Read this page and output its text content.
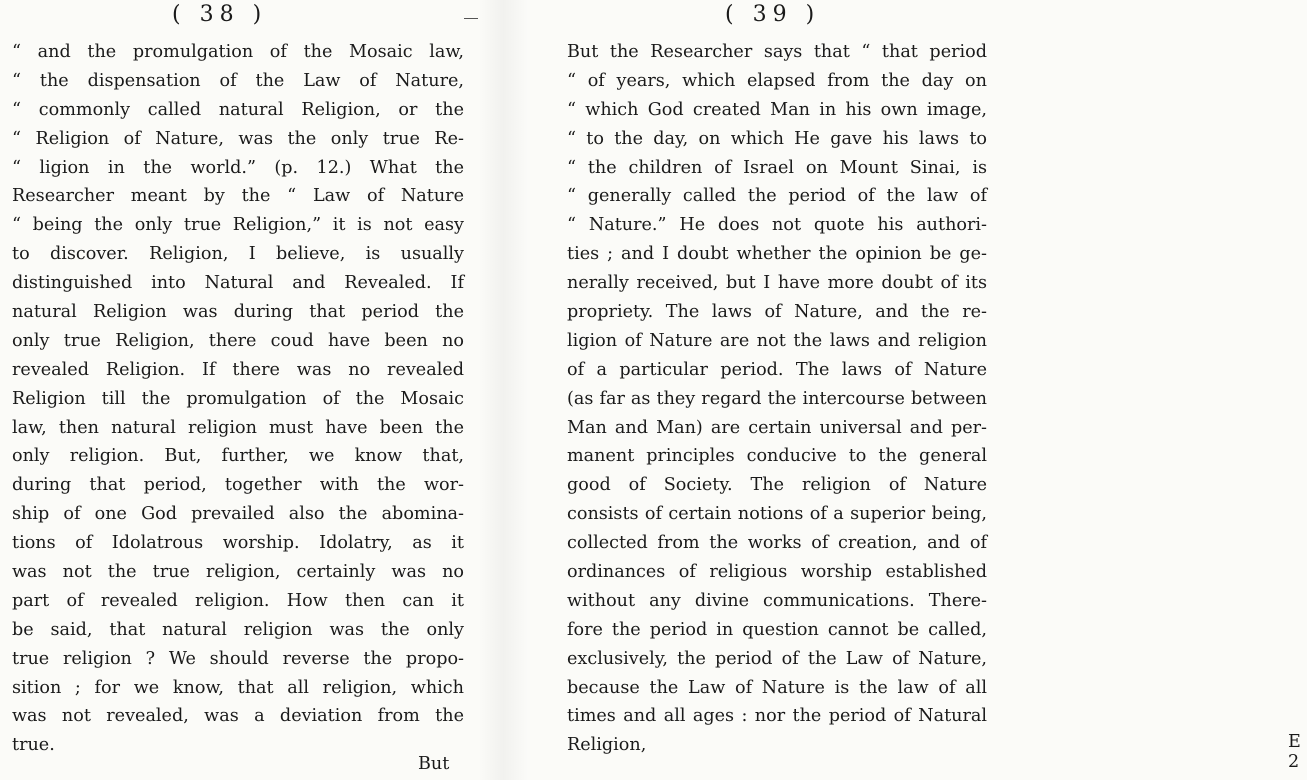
( 38 )
“ and the promulgation of the Mosaic law,
“ the dispensation of the Law of Nature,
“ commonly called natural Religion, or the
“ Religion of Nature, was the only true Re-
“ ligion in the world.” (p. 12.) What the
Researcher meant by the “ Law of Nature
“ being the only true Religion,” it is not easy
to discover. Religion, I believe, is usually
distinguished into Natural and Revealed. If
natural Religion was during that period the
only true Religion, there coud have been no
revealed Religion. If there was no revealed
Religion till the promulgation of the Mosaic
law, then natural religion must have been the
only religion. But, further, we know that,
during that period, together with the wor-
ship of one God prevailed also the abomina-
tions of Idolatrous worship. Idolatry, as it
was not the true religion, certainly was no
part of revealed religion. How then can it
be said, that natural religion was the only
true religion ? We should reverse the propo-
sition ; for we know, that all religion, which
was not revealed, was a deviation from the
true.
But
( 39 )
But the Researcher says that “ that period
“ of years, which elapsed from the day on
“ which God created Man in his own image,
“ to the day, on which He gave his laws to
“ the children of Israel on Mount Sinai, is
“ generally called the period of the law of
“ Nature.” He does not quote his authori-
ties ; and I doubt whether the opinion be ge-
nerally received, but I have more doubt of its
propriety. The laws of Nature, and the re-
ligion of Nature are not the laws and religion
of a particular period. The laws of Nature
(as far as they regard the intercourse between
Man and Man) are certain universal and per-
manent principles conducive to the general
good of Society. The religion of Nature
consists of certain notions of a superior being,
collected from the works of creation, and of
ordinances of religious worship established
without any divine communications. There-
fore the period in question cannot be called,
exclusively, the period of the Law of Nature,
because the Law of Nature is the law of all
times and all ages : nor the period of Natural
Religion,	E 2
